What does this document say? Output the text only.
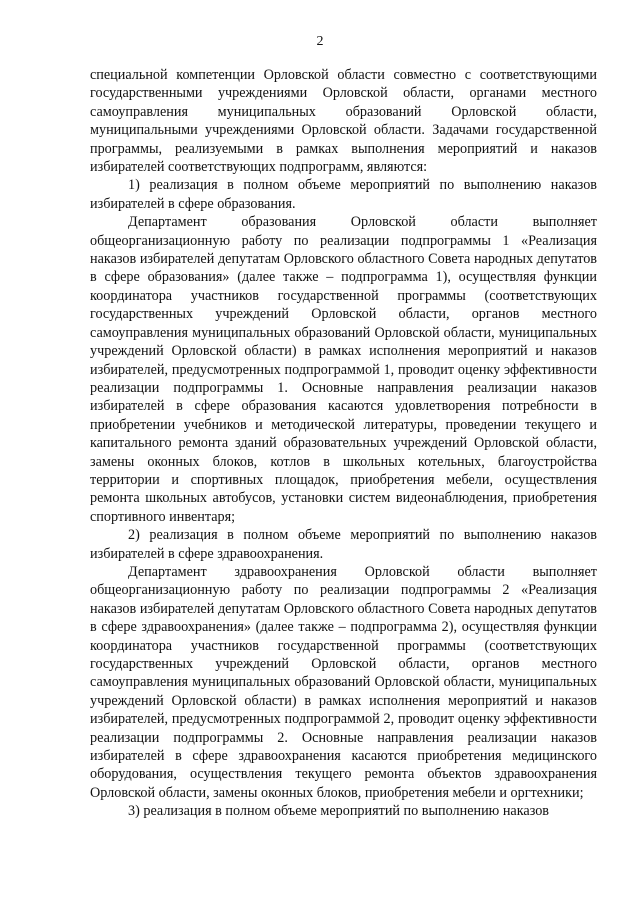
2

специальной компетенции Орловской области совместно с соответствующими государственными учреждениями Орловской области, органами местного самоуправления муниципальных образований Орловской области, муниципальными учреждениями Орловской области. Задачами государственной программы, реализуемыми в рамках выполнения мероприятий и наказов избирателей соответствующих подпрограмм, являются:

1) реализация в полном объеме мероприятий по выполнению наказов избирателей в сфере образования.

Департамент образования Орловской области выполняет общеорганизационную работу по реализации подпрограммы 1 «Реализация наказов избирателей депутатам Орловского областного Совета народных депутатов в сфере образования» (далее также – подпрограмма 1), осуществляя функции координатора участников государственной программы (соответствующих государственных учреждений Орловской области, органов местного самоуправления муниципальных образований Орловской области, муниципальных учреждений Орловской области) в рамках исполнения мероприятий и наказов избирателей, предусмотренных подпрограммой 1, проводит оценку эффективности реализации подпрограммы 1. Основные направления реализации наказов избирателей в сфере образования касаются удовлетворения потребности в приобретении учебников и методической литературы, проведении текущего и капитального ремонта зданий образовательных учреждений Орловской области, замены оконных блоков, котлов в школьных котельных, благоустройства территории и спортивных площадок, приобретения мебели, осуществления ремонта школьных автобусов, установки систем видеонаблюдения, приобретения спортивного инвентаря;

2) реализация в полном объеме мероприятий по выполнению наказов избирателей в сфере здравоохранения.

Департамент здравоохранения Орловской области выполняет общеорганизационную работу по реализации подпрограммы 2 «Реализация наказов избирателей депутатам Орловского областного Совета народных депутатов в сфере здравоохранения» (далее также – подпрограмма 2), осуществляя функции координатора участников государственной программы (соответствующих государственных учреждений Орловской области, органов местного самоуправления муниципальных образований Орловской области, муниципальных учреждений Орловской области) в рамках исполнения мероприятий и наказов избирателей, предусмотренных подпрограммой 2, проводит оценку эффективности реализации подпрограммы 2. Основные направления реализации наказов избирателей в сфере здравоохранения касаются приобретения медицинского оборудования, осуществления текущего ремонта объектов здравоохранения Орловской области, замены оконных блоков, приобретения мебели и оргтехники;

3) реализация в полном объеме мероприятий по выполнению наказов
